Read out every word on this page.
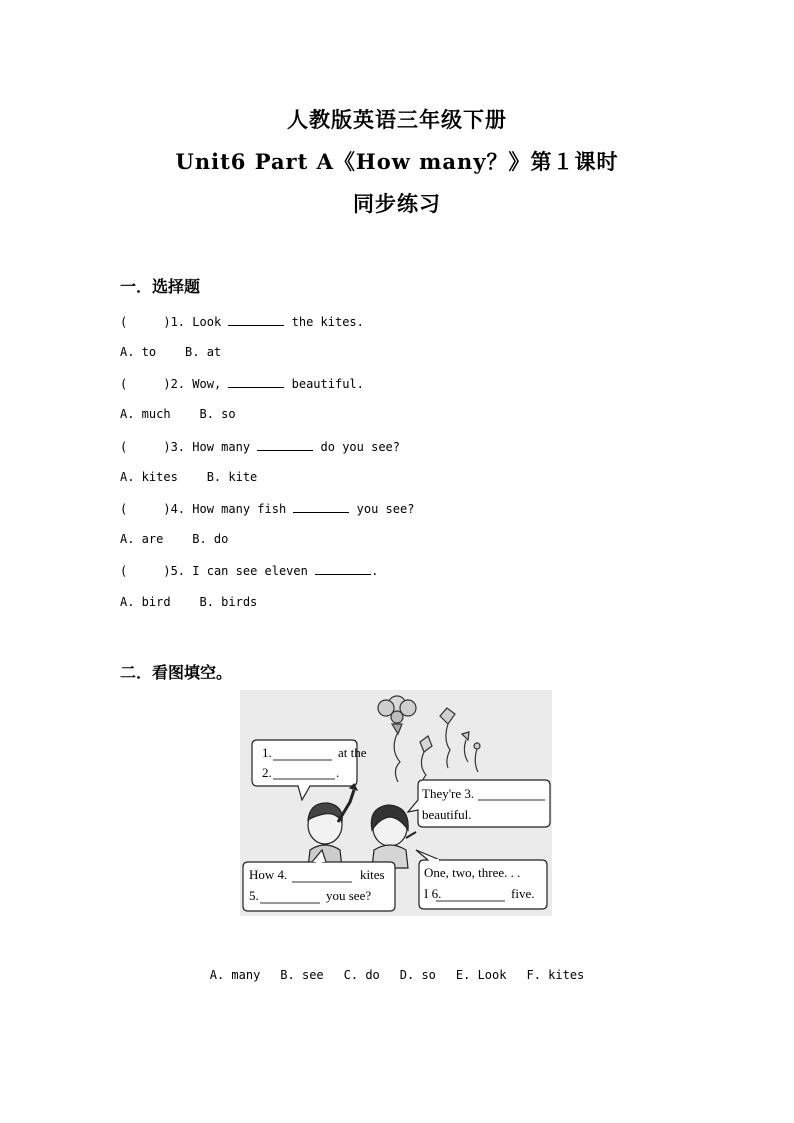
人教版英语三年级下册
Unit6 Part A《How many？》第１课时
同步练习
一．选择题
(     )1. Look	the kites.
A. to    B. at
(     )2. Wow,	beautiful.
A. much    B. so
(     )3. How many	do you see?
A. kites    B. kite
(     )4. How many fish	you see?
A. are    B. do
(     )5. I can see eleven	.
A. bird    B. birds
二．看图填空。
1.	at the
2.	.
They're 3.
beautiful.
How 4.	kites
5.	you see?
One, two, three. . .
I 6.	five.
A. many B. see C. do D. so E. Look F. kites
